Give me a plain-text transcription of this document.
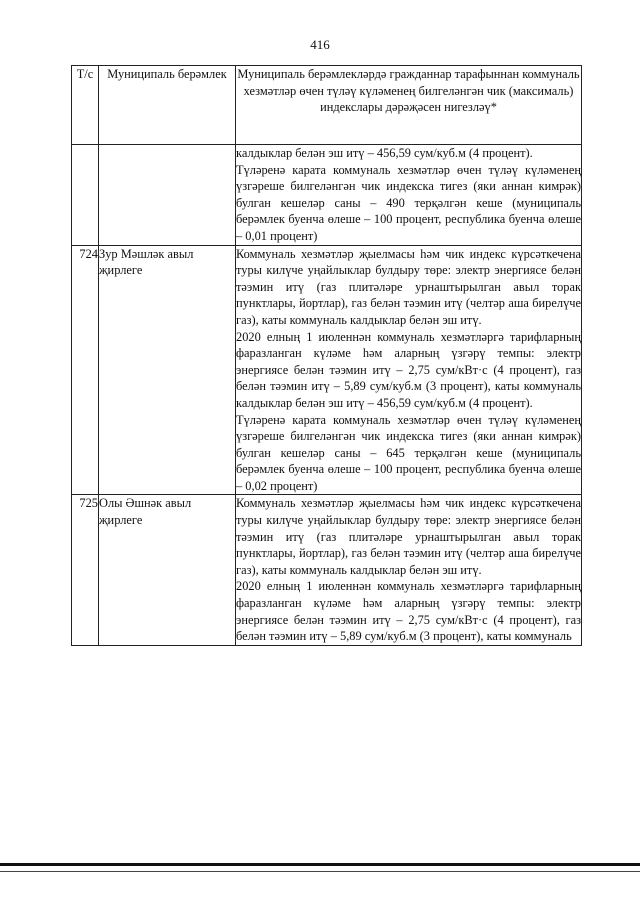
416
Т/с	Муниципаль берәмлек	Муниципаль берәмлекләрдә гражданнар тарафыннан коммуналь хезмәтләр өчен түләү күләменең билгеләнгән чик (максималь) индекслары дәрәҗәсен нигезләү*

		калдыклар белән эш итү – 456,59 сум/куб.м (4 процент).

Түләренә карата коммуналь хезмәтләр өчен түләү күләменең үзгәреше билгеләнгән чик индекска тигез (яки аннан кимрәк) булган кешеләр саны – 490 терқәлгән кеше (муниципаль берәмлек буенча өлеше – 100 процент, республика буенча өлеше – 0,01 процент)

724	Зур Мәшләк авыл җирлеге	Коммуналь хезмәтләр җыелмасы һәм чик индекс күрсәткечена туры килүче уңайлыклар булдыру төре: электр энергиясе белән тәэмин итү (газ плитәләре урнаштырылган авыл торак пунктлары, йортлар), газ белән тәэмин итү (челтәр аша бирелүче газ), каты коммуналь калдыклар белән эш итү.

2020 елның 1 июленнән коммуналь хезмәтләргә тарифларның фаразланган күләме һәм аларның үзгәрү темпы: электр энергиясе белән тәэмин итү – 2,75 сум/кВт·с (4 процент), газ белән тәэмин итү – 5,89 сум/куб.м (3 процент), каты коммуналь калдыклар белән эш итү – 456,59 сум/куб.м (4 процент).

Түләренә карата коммуналь хезмәтләр өчен түләү күләменең үзгәреше билгеләнгән чик индекска тигез (яки аннан кимрәк) булган кешеләр саны – 645 терқәлгән кеше (муниципаль берәмлек буенча өлеше – 100 процент, республика буенча өлеше – 0,02 процент)

725	Олы Әшнәк авыл җирлеге	Коммуналь хезмәтләр җыелмасы һәм чик индекс күрсәткечена туры килүче уңайлыклар булдыру төре: электр энергиясе белән тәэмин итү (газ плитәләре урнаштырылган авыл торак пунктлары, йортлар), газ белән тәэмин итү (челтәр аша бирелүче газ), каты коммуналь калдыклар белән эш итү.

2020 елның 1 июленнән коммуналь хезмәтләргә тарифларның фаразланган күләме һәм аларның үзгәрү темпы: электр энергиясе белән тәэмин итү – 2,75 сум/кВт·с (4 процент), газ белән тәэмин итү – 5,89 сум/куб.м (3 процент), каты коммуналь
